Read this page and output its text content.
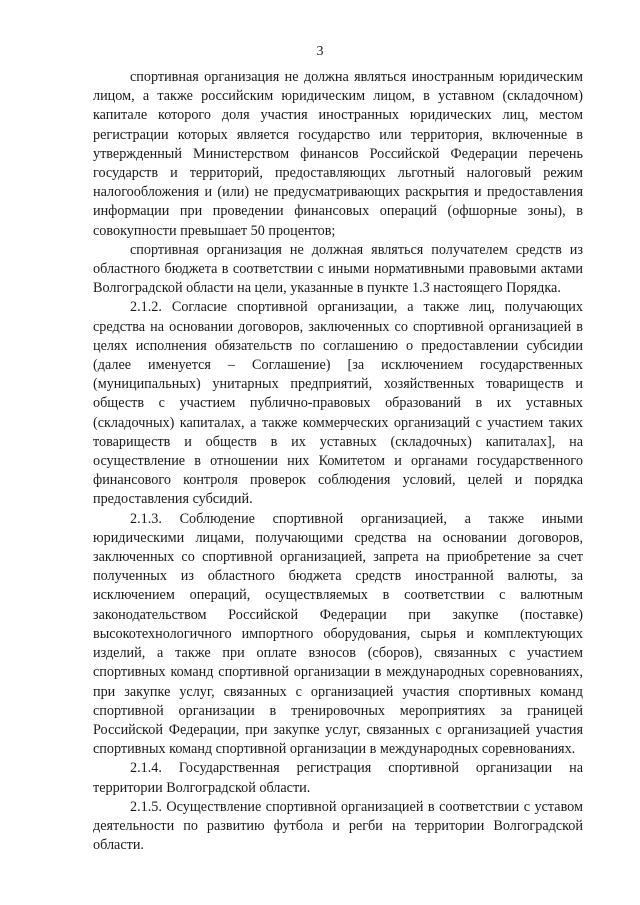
3

спортивная организация не должна являться иностранным юридическим лицом, а также российским юридическим лицом, в уставном (складочном) капитале которого доля участия иностранных юридических лиц, местом регистрации которых является государство или территория, включенные в утвержденный Министерством финансов Российской Федерации перечень государств и территорий, предоставляющих льготный налоговый режим налогообложения и (или) не предусматривающих раскрытия и предоставления информации при проведении финансовых операций (офшорные зоны), в совокупности превышает 50 процентов;

спортивная организация не должная являться получателем средств из областного бюджета в соответствии с иными нормативными правовыми актами Волгоградской области на цели, указанные в пункте 1.3 настоящего Порядка.

2.1.2. Согласие спортивной организации, а также лиц, получающих средства на основании договоров, заключенных со спортивной организацией в целях исполнения обязательств по соглашению о предоставлении субсидии (далее именуется – Соглашение) [за исключением государственных (муниципальных) унитарных предприятий, хозяйственных товариществ и обществ с участием публично-правовых образований в их уставных (складочных) капиталах, а также коммерческих организаций с участием таких товариществ и обществ в их уставных (складочных) капиталах], на осуществление в отношении них Комитетом и органами государственного финансового контроля проверок соблюдения условий, целей и порядка предоставления субсидий.

2.1.3. Соблюдение спортивной организацией, а также иными юридическими лицами, получающими средства на основании договоров, заключенных со спортивной организацией, запрета на приобретение за счет полученных из областного бюджета средств иностранной валюты, за исключением операций, осуществляемых в соответствии с валютным законодательством Российской Федерации при закупке (поставке) высокотехнологичного импортного оборудования, сырья и комплектующих изделий, а также при оплате взносов (сборов), связанных с участием спортивных команд спортивной организации в международных соревнованиях, при закупке услуг, связанных с организацией участия спортивных команд спортивной организации в тренировочных мероприятиях за границей Российской Федерации, при закупке услуг, связанных с организацией участия спортивных команд спортивной организации в международных соревнованиях.

2.1.4. Государственная регистрация спортивной организации на территории Волгоградской области.

2.1.5. Осуществление спортивной организацией в соответствии с уставом деятельности по развитию футбола и регби на территории Волгоградской области.
